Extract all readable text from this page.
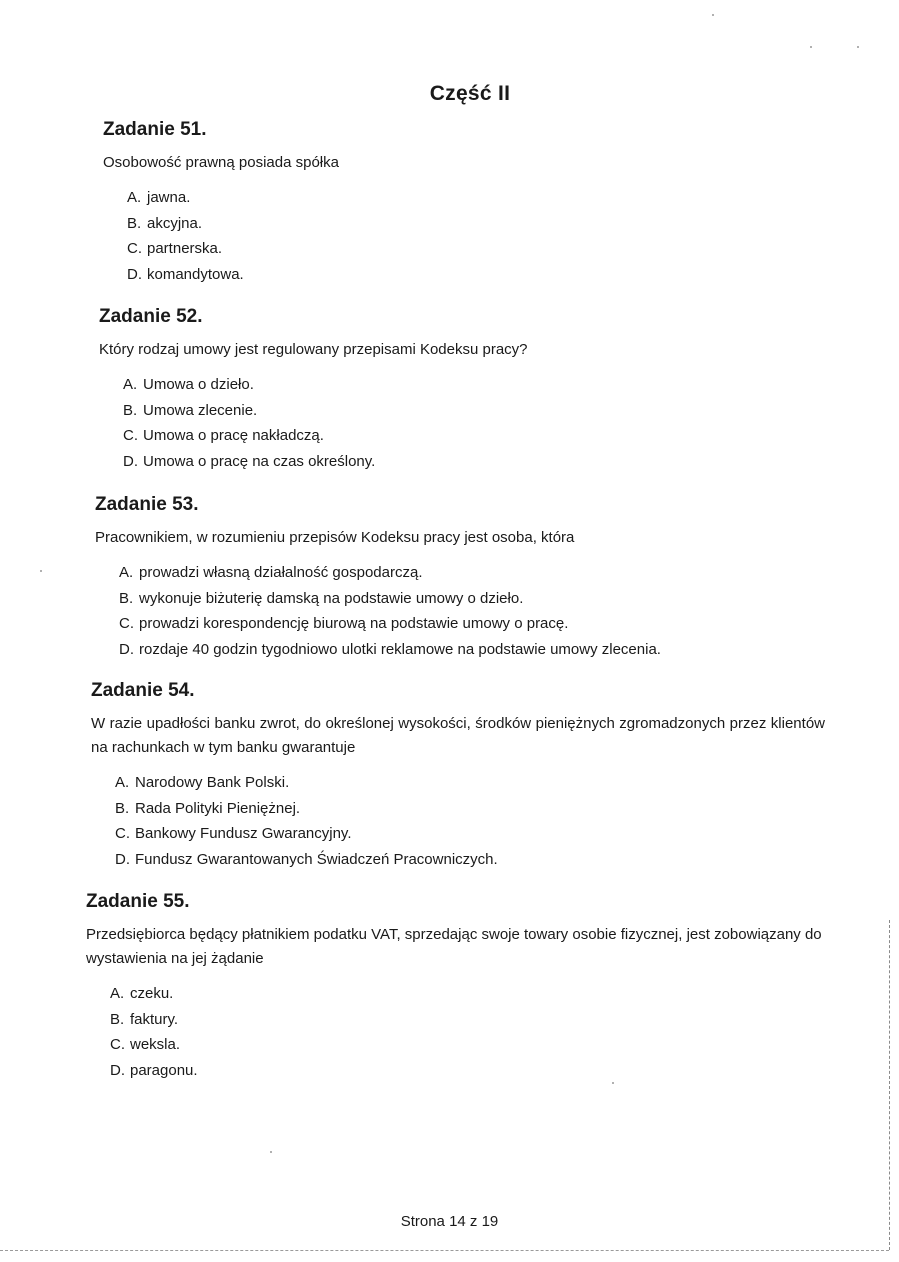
Część II
Zadanie 51.
Osobowość prawną posiada spółka
A. jawna.
B. akcyjna.
C. partnerska.
D. komandytowa.
Zadanie 52.
Który rodzaj umowy jest regulowany przepisami Kodeksu pracy?
A. Umowa o dzieło.
B. Umowa zlecenie.
C. Umowa o pracę nakładczą.
D. Umowa o pracę na czas określony.
Zadanie 53.
Pracownikiem, w rozumieniu przepisów Kodeksu pracy jest osoba, która
A. prowadzi własną działalność gospodarczą.
B. wykonuje biżuterię damską na podstawie umowy o dzieło.
C. prowadzi korespondencję biurową na podstawie umowy o pracę.
D. rozdaje 40 godzin tygodniowo ulotki reklamowe na podstawie umowy zlecenia.
Zadanie 54.
W razie upadłości banku zwrot, do określonej wysokości, środków pieniężnych zgromadzonych przez klientów na rachunkach w tym banku gwarantuje
A. Narodowy Bank Polski.
B. Rada Polityki Pieniężnej.
C. Bankowy Fundusz Gwarancyjny.
D. Fundusz Gwarantowanych Świadczeń Pracowniczych.
Zadanie 55.
Przedsiębiorca będący płatnikiem podatku VAT, sprzedając swoje towary osobie fizycznej, jest zobowiązany do wystawienia na jej żądanie
A. czeku.
B. faktury.
C. weksla.
D. paragonu.
Strona 14 z 19
